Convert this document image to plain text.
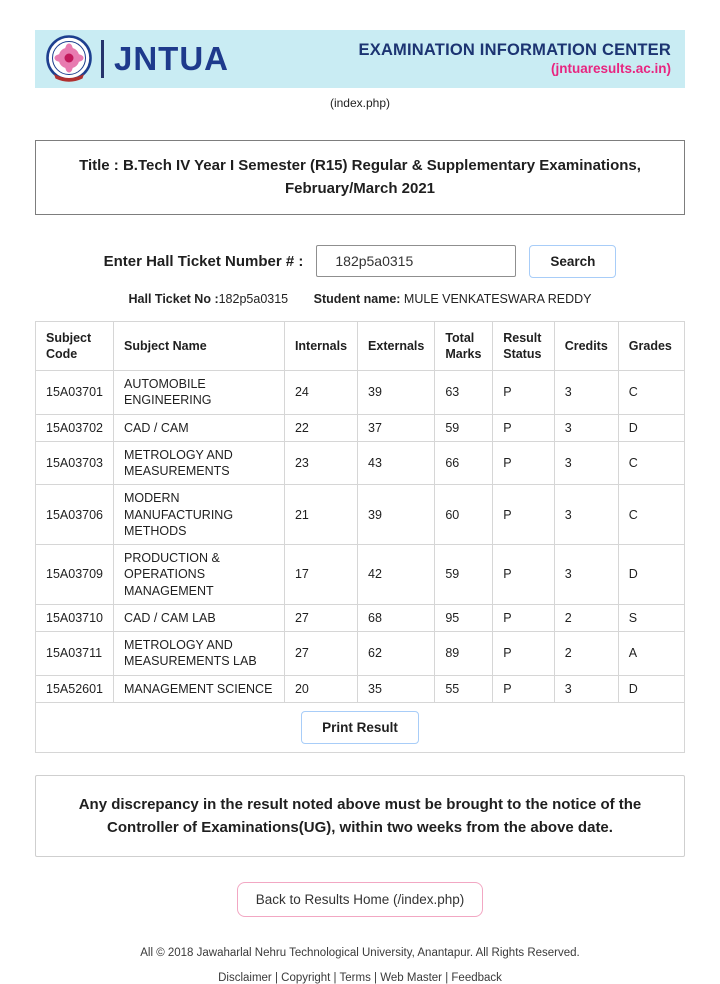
JNTUA	EXAMINATION INFORMATION CENTER
(jntuaresults.ac.in)
(index.php)
Title : B.Tech IV Year I Semester (R15) Regular & Supplementary Examinations,
February/March 2021
Enter Hall Ticket Number # :
182p5a0315	Search
Hall Ticket No :182p5a0315 Student name: MULE VENKATESWARA REDDY
Subject Code	Subject Name	Internals	Externals	Total Marks	Result Status	Credits	Grades
15A03701	AUTOMOBILE ENGINEERING	24	39	63	P	3	C
15A03702	CAD / CAM	22	37	59	P	3	D
15A03703	METROLOGY AND MEASUREMENTS	23	43	66	P	3	C
15A03706	MODERN MANUFACTURING METHODS	21	39	60	P	3	C
15A03709	PRODUCTION & OPERATIONS MANAGEMENT	17	42	59	P	3	D
15A03710	CAD / CAM LAB	27	68	95	P	2	S
15A03711	METROLOGY AND MEASUREMENTS LAB	27	62	89	P	2	A
15A52601	MANAGEMENT SCIENCE	20	35	55	P	3	D
Print Result							
Any discrepancy in the result noted above must be brought to the notice of the
Controller of Examinations(UG), within two weeks from the above date.
Back to Results Home (/index.php)
All © 2018 Jawaharlal Nehru Technological University, Anantapur. All Rights Reserved.
Disclaimer | Copyright | Terms | Web Master | Feedback
